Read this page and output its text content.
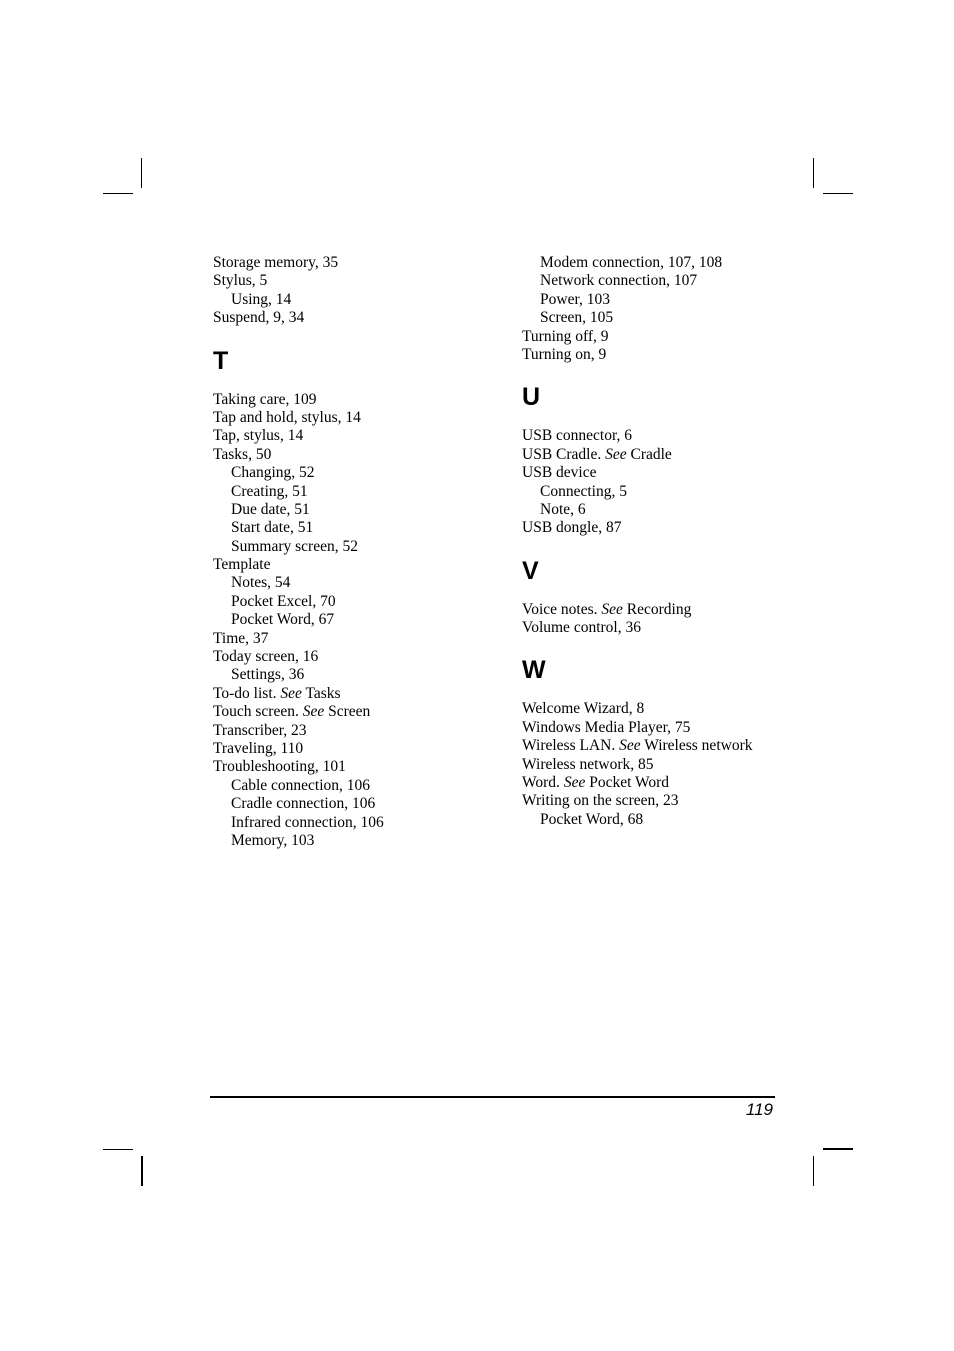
Storage memory, 35
Stylus, 5
Using, 14
Suspend, 9, 34
T
Taking care, 109
Tap and hold, stylus, 14
Tap, stylus, 14
Tasks, 50
Changing, 52
Creating, 51
Due date, 51
Start date, 51
Summary screen, 52
Template
Notes, 54
Pocket Excel, 70
Pocket Word, 67
Time, 37
Today screen, 16
Settings, 36
To-do list. See Tasks
Touch screen. See Screen
Transcriber, 23
Traveling, 110
Troubleshooting, 101
Cable connection, 106
Cradle connection, 106
Infrared connection, 106
Memory, 103
Modem connection, 107, 108
Network connection, 107
Power, 103
Screen, 105
Turning off, 9
Turning on, 9
U
USB connector, 6
USB Cradle. See Cradle
USB device
Connecting, 5
Note, 6
USB dongle, 87
V
Voice notes. See Recording
Volume control, 36
W
Welcome Wizard, 8
Windows Media Player, 75
Wireless LAN. See Wireless network
Wireless network, 85
Word. See Pocket Word
Writing on the screen, 23
Pocket Word, 68
119
